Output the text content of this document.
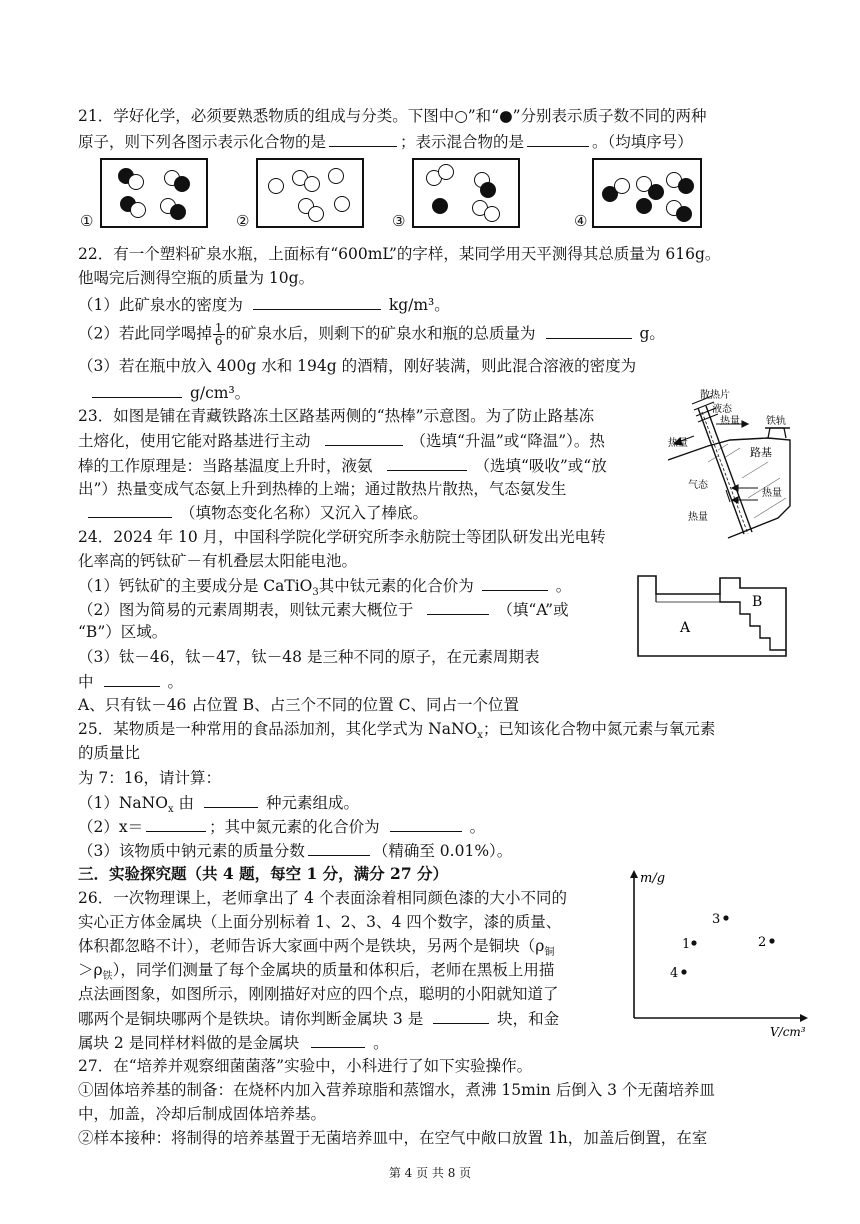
21．学好化学，必须要熟悉物质的组成与分类。下图中○”和“●”分别表示质子数不同的两种
原子，则下列各图示表示化合物的是	；表示混合物的是	。（均填序号）
①	②	③	④
22．有一个塑料矿泉水瓶，上面标有“600mL”的字样，某同学用天平测得其总质量为 616g。
他喝完后测得空瓶的质量为 10g。
（1）此矿泉水的密度为	kg/m³。
（2）若此同学喝掉 $\frac{1}{6}$ 的矿泉水后，则剩下的矿泉水和瓶的总质量为	g。
（3）若在瓶中放入 400g 水和 194g 的酒精，刚好装满，则此混合溶液的密度为
g/cm³。
23．如图是铺在青藏铁路冻土区路基两侧的“热棒”示意图。为了防止路基冻
土熔化，使用它能对路基进行主动	（选填“升温”或“降温”）。热
棒的工作原理是：当路基温度上升时，液氨	（选填“吸收”或“放
出”）热量变成气态氨上升到热棒的上端；通过散热片散热，气态氨发生
（填物态变化名称）又沉入了棒底。
散热片
液态
热量
热量
铁轨
路基
气态
热量
热量
24．2024 年 10 月，中国科学院化学研究所李永舫院士等团队研发出光电转
化率高的钙钛矿－有机叠层太阳能电池。
（1）钙钛矿的主要成分是 CaTiO$_3$其中钛元素的化合价为	。
（2）图为简易的元素周期表，则钛元素大概位于	（填“A”或
“B”）区域。
（3）钛－46，钛－47，钛－48 是三种不同的原子，在元素周期表
中	。
A、只有钛－46 占位置 B、占三个不同的位置 C、同占一个位置
A
B
25．某物质是一种常用的食品添加剂，其化学式为 NaNO$_x$；已知该化合物中氮元素与氧元素
的质量比
为 7：16，请计算：
（1）NaNO$_x$ 由	种元素组成。
（2）x＝	；其中氮元素的化合价为	。
（3）该物质中钠元素的质量分数	（精确至 0.01%）。
三．实验探究题（共 4 题，每空 1 分，满分 27 分）
26．一次物理课上，老师拿出了 4 个表面涂着相同颜色漆的大小不同的
实心正方体金属块（上面分别标着 1、2、3、4 四个数字，漆的质量、
体积都忽略不计），老师告诉大家画中两个是铁块，另两个是铜块（$\rho_铜$
$>\rho_铁$），同学们测量了每个金属块的质量和体积后，老师在黑板上用描
点法画图象，如图所示，刚刚描好对应的四个点，聪明的小阳就知道了
哪两个是铜块哪两个是铁块。请你判断金属块 3 是	块，和金
属块 2 是同样材料做的是金属块	。
m/g
V/cm³
3
1	2
4
27．在“培养并观察细菌菌落”实验中，小科进行了如下实验操作。
①固体培养基的制备：在烧杯内加入营养琼脂和蒸馏水，煮沸 15min 后倒入 3 个无菌培养皿
中，加盖，冷却后制成固体培养基。
②样本接种：将制得的培养基置于无菌培养皿中，在空气中敞口放置 1h，加盖后倒置，在室
第 4 页 共 8 页
